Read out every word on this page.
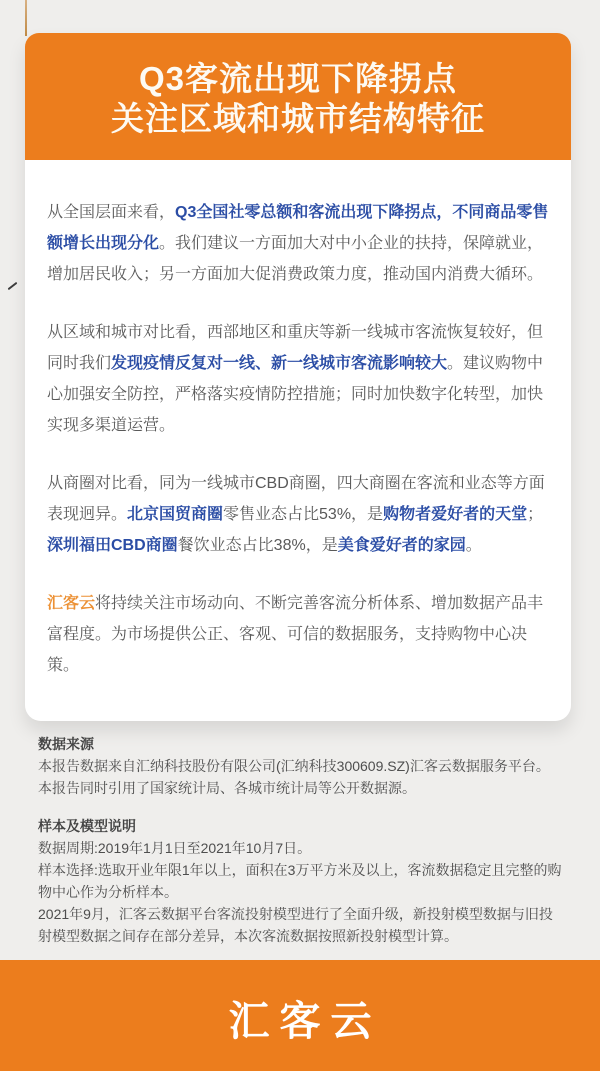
Q3客流出现下降拐点
关注区域和城市结构特征

从全国层面来看，Q3全国社零总额和客流出现下降拐点，不同商品零售额增长出现分化。我们建议一方面加大对中小企业的扶持，保障就业，增加居民收入；另一方面加大促消费政策力度，推动国内消费大循环。

从区域和城市对比看，西部地区和重庆等新一线城市客流恢复较好，但同时我们发现疫情反复对一线、新一线城市客流影响较大。建议购物中心加强安全防控，严格落实疫情防控措施；同时加快数字化转型，加快实现多渠道运营。

从商圈对比看，同为一线城市CBD商圈，四大商圈在客流和业态等方面表现迥异。北京国贸商圈零售业态占比53%，是购物者爱好者的天堂；深圳福田CBD商圈餐饮业态占比38%，是美食爱好者的家园。

汇客云将持续关注市场动向、不断完善客流分析体系、增加数据产品丰富程度。为市场提供公正、客观、可信的数据服务，支持购物中心决策。

数据来源
本报告数据来自汇纳科技股份有限公司(汇纳科技300609.SZ)汇客云数据服务平台。
本报告同时引用了国家统计局、各城市统计局等公开数据源。
样本及模型说明
数据周期:2019年1月1日至2021年10月7日。
样本选择:选取开业年限1年以上，面积在3万平方米及以上，客流数据稳定且完整的购物中心作为分析样本。
2021年9月，汇客云数据平台客流投射模型进行了全面升级，新投射模型数据与旧投射模型数据之间存在部分差异，本次客流数据按照新投射模型计算。
汇客云
